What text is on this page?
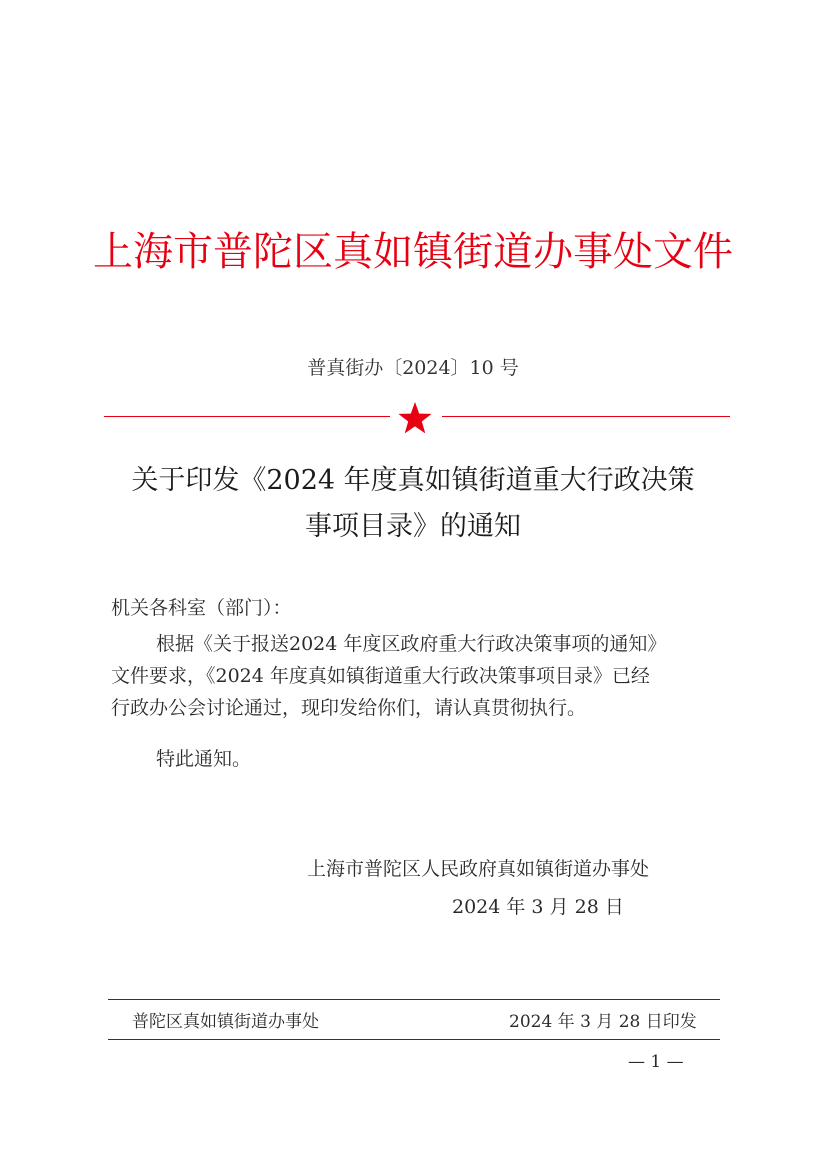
上海市普陀区真如镇街道办事处文件
普真街办〔2024〕10 号
关于印发《2024 年度真如镇街道重大行政决策
事项目录》的通知
机关各科室（部门）：
根据《关于报送2024 年度区政府重大行政决策事项的通知》
文件要求，《2024 年度真如镇街道重大行政决策事项目录》已经
行政办公会讨论通过，现印发给你们，请认真贯彻执行。
特此通知。
上海市普陀区人民政府真如镇街道办事处
2024 年 3 月 28 日
普陀区真如镇街道办事处	2024 年 3 月 28 日印发
— 1 —
